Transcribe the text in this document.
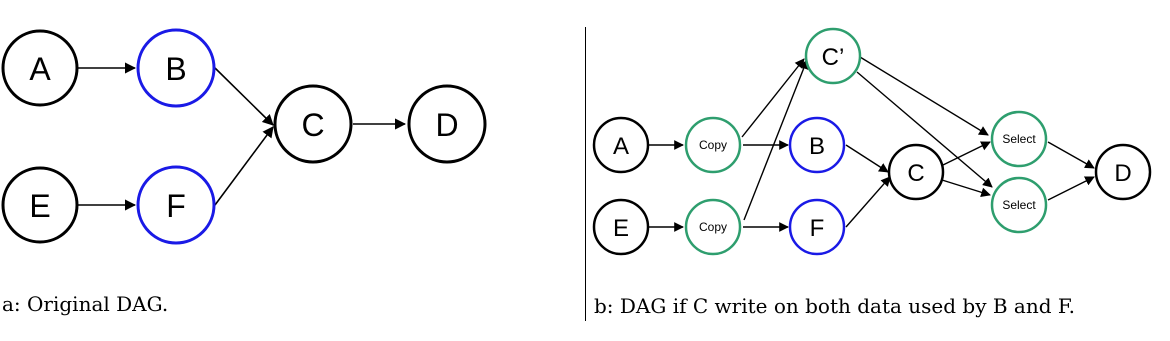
A	B
C	D
E	F
A
E
Copy
Copy
C’
B
F
C
Select
Select
D
a: Original DAG.	b: DAG if C write on both data used by B and F.
